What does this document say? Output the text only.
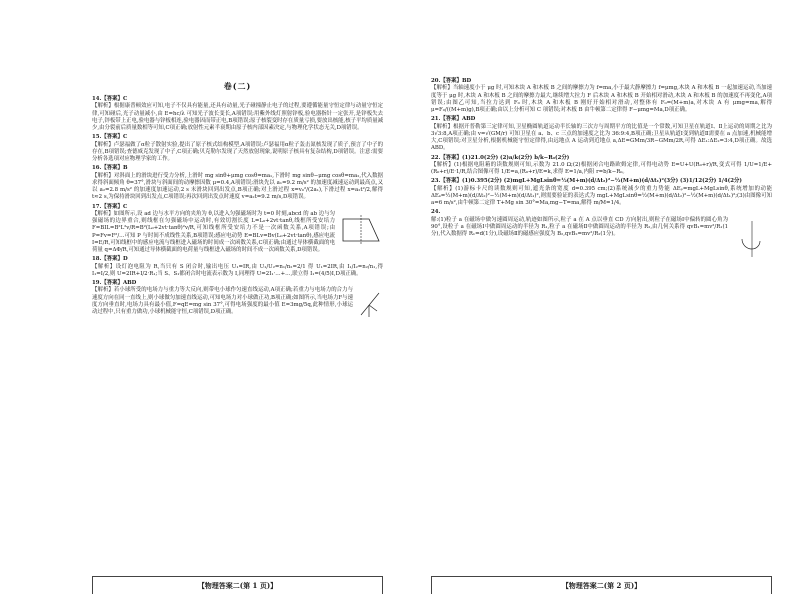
卷(二)
14.【答案】C

【解析】根据康普顿效应可知,电子不仅具有能量,还具有动量,光子碰撞静止电子的过程,要遵循能量守恒定律与动量守恒定律,可知碰后,光子动量减小,由 E=hc/λ 可知光子波长变长,A项错误;用紫外线灯照射锌板,验电器指针一定张开,是锌板失去电子,锌板带上正电,验电器与锌板相连,验电器因而带正电,B项错误;原子核裂变时存在质量亏损,要放出核能,核子平均质量减少,由分裂前后质量数相等可知,C项正确;放射性元素半衰期由原子核内部因素决定,与物理化学状态无关,D项错误。

15.【答案】C

【解析】卢瑟福做了α粒子散射实验,提出了原子核式结构模型,A项错误;卢瑟福用α粒子轰击氮核发现了质子,预言了中子的存在,B项错误;查德威克发现了中子,C项正确;贝克勒尔发现了天然放射现象,说明原子核具有复杂结构,D项错误。注意:需要分析各选项对应物理学家的工作。

16.【答案】B

【解析】对斜面上的滑块进行受力分析,上滑时 mg sinθ+μmg cosθ=ma₁,下滑时 mg sinθ−μmg cosθ=ma₂,代入数据求得斜面倾角 θ=37°,滑块与斜面间的动摩擦因数 μ=0.4,A项错误;滑块先以 a₁=9.2 m/s² 的加速度减速运动到最高点,又以 a₂=2.8 m/s² 的加速度加速运动,2 s 末滑块回到出发点,B项正确;对上滑过程 x=v₀²/(2a₁),下滑过程 x=a₂t²/2,解得 t≈2 s,为保持滑块回到出发点,C项错误;再次回到出发点时速度 v=a₂t=9.2 m/s,D项错误。

17.【答案】C

【解析】如图所示,设 ad 边与水平方向的夹角为 θ,以进入匀强磁场时为 t=0 时刻,abcd 的 ab 边与匀强磁场的边界重合,则线框在匀强磁场中运动时,有效切割长度 L=L₀+2vt·tanθ,线框所受安培力 F=BIL=B²L²v/R=B²(L₀+2vt·tanθ)²v/R,可知线框所受安培力不是一次函数关系,A项错误;由 P=Fv=F²/…可知 P 与时间不成线性关系,B项错误;感应电动势 E=BLv=Bv(L₀+2vt·tanθ),感应电流 I=E/R,可知线框中的感应电流与线框进入磁场的时间成一次函数关系,C项正确;由通过导体横截面的电荷量 q=ΔΦ/R,可知通过导体横截面的电荷量与线框进入磁场的时间不成一次函数关系,D项错误。

18.【答案】D

【解析】设灯泡电阻为 R,当只有 S 闭合时,输出电压 U₁=IR,由 U₁/U₂=n₁/n₂=2/1 得 U₁=2IR,由 I₁/I₂=n₂/n₁,得 I₁=I/2,则 U=2IR+I/2·R₁;当 S、S₁都闭合时电流表示数为 I,同理得 U=2I₁·…+…,联立得 I₁=(4/5)I,D项正确。

19.【答案】ABD

【解析】若小球所受的电场力与重力等大反向,则带电小球作匀速直线运动,A项正确;若重力与电场力的合力与速度方向在同一直线上,则小球做匀加速直线运动,可知电场力对小球做正功,B项正确;如图所示,当电场力F与速度方向垂直时,电场力具有最小值,F=qE=mg sin 37°,可得电场强度的最小值 E=3mg/5q,此种情形,小球运动过程中,只有重力做功,小球机械能守恒,C项错误,D项正确。

【物理答案二(第 1 页)】
20.【答案】BD

【解析】当轴速度小于 μg 时,可知木块 A 和木板 B 之间的摩擦力为 f=ma,小于最大静摩擦力 f=μmg,木块 A 和木板 B 一起加速运动,当加速度等于 μg 时,木块 A 和木板 B 之间的摩擦力最大,继续增大拉力 F 后木块 A 和木板 B 开始相对滑动,木块 A 和木板 B 的加速度不再变化,A项错误;由图乙可知,当拉力达到 F₀ 时,木块 A 和木板 B 刚好开始相对滑动,对整体有 F₀=(M+m)a,对木块 A 有 μmg=ma,解得 μ=F₀/((M+m)g),B项正确;由以上分析可知 C 项错误;对木板 B 由牛顿第二定律得 F−μmg=Ma,D项正确。

21.【答案】ABD

【解析】根据开普勒第三定律可知,卫星椭圆轨道运动半长轴的三次方与周期平方的比值是一个常数,可知卫星在轨道Ⅰ、Ⅱ上运动的周期之比为 3√3:8,A项正确;由 v=√(GM/r) 可知卫星在 a、b、c 三点的加速度之比为 36:9:4,B项正确;卫星从轨道Ⅰ变到轨道Ⅱ需要在 a 点加速,机械能增大,C项错误;对卫星分析,根据机械能守恒定律得,由远地点 A 运动到近地点 a,ΔE=GMm/3R−GMm/2R,可得 ΔE₁:ΔE₂=3:4,D项正确。故选 ABD。

22.【答案】(1)21.0(2分) (2)a/k(2分) b/k−R₀(2分)

【解析】(1)根据电阻箱的读数规则可知,示数为 21.0 Ω;(2)根据闭合电路欧姆定律,可得电动势 E=U+U(R₀+r)/R,变式可得 1/U=1/E+(R₀+r)/E·1/R,结合图像可得 1/E=a,(R₀+r)/E=k,求得 E=1/a,内阻 r=b/k−R₀。

23.【答案】(1)0.395(2分) (2)mgL+MgLsinθ=½(M+m)(d/Δt₂)²−½(M+m)(d/Δt₁)²(3分) (3)1/12(2分) 1/4(2分)

【解析】(1)游标卡尺的读数规则可知,遮光条的宽度 d=0.395 cm;(2)系统减少的重力势能 ΔEₚ=mgL+MgLsinθ,系统增加的动能 ΔEₖ=½(M+m)(d/Δt₂)²−½(M+m)(d/Δt₁)²,则需要验证的表达式为 mgL+MgLsinθ=½(M+m)(d/Δt₂)²−½(M+m)(d/Δt₁)²;(3)由图像可知 a=6 m/s²,由牛顿第二定律 T+Mg sin 30°=Ma,mg−T=ma,解得 m/M=1/4。

24.

解:(1)粒子 a 在磁场中做匀速圆周运动,轨迹如图所示,粒子 a 在 A 点以垂直 CD 方向射出,则粒子在磁场Ⅰ中偏转的圆心角为 90°,设粒子 a 在磁场Ⅰ中做圆周运动的半径为 R₁,粒子 a 在磁场Ⅱ中做圆周运动的半径为 R₂,由几何关系得 qvB₁=mv²/R₁(1分),代入数据得 R₁=d(1分),设磁场Ⅱ的磁感应强度为 B₂,qvB₂=mv²/R₂(1分)。

【物理答案二(第 2 页)】
